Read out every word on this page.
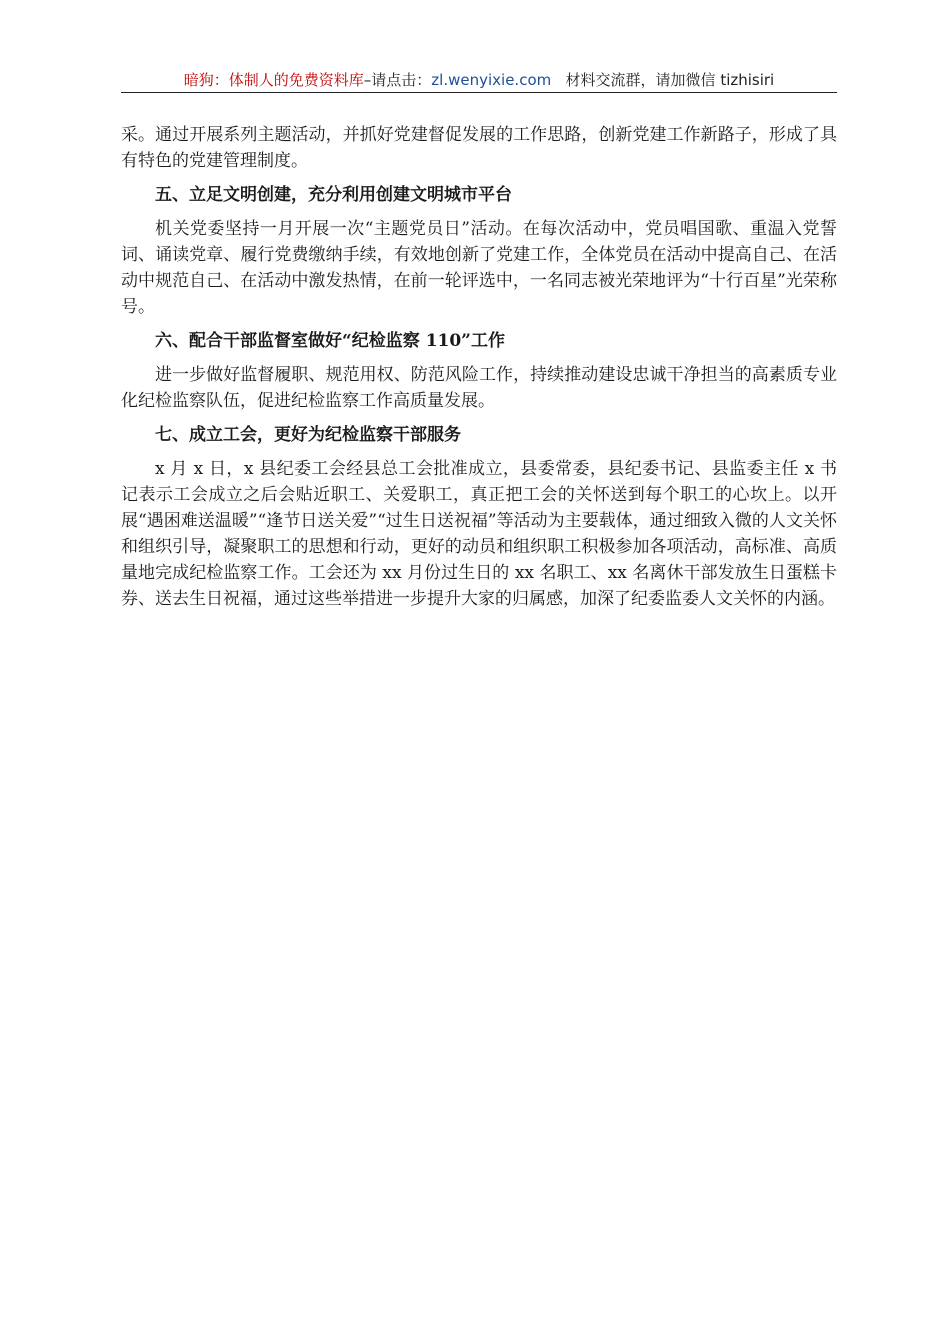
暗狗：体制人的免费资料库–请点击：zl.wenyixie.com 材料交流群，请加微信 tizhisiri

采。通过开展系列主题活动，并抓好党建督促发展的工作思路，创新党建工作新路子，形成了具有特色的党建管理制度。

五、立足文明创建，充分利用创建文明城市平台

机关党委坚持一月开展一次“主题党员日”活动。在每次活动中，党员唱国歌、重温入党誓词、诵读党章、履行党费缴纳手续，有效地创新了党建工作，全体党员在活动中提高自己、在活动中规范自己、在活动中激发热情，在前一轮评选中，一名同志被光荣地评为“十行百星”光荣称号。

六、配合干部监督室做好“纪检监察 110”工作

进一步做好监督履职、规范用权、防范风险工作，持续推动建设忠诚干净担当的高素质专业化纪检监察队伍，促进纪检监察工作高质量发展。

七、成立工会，更好为纪检监察干部服务

x 月 x 日，x 县纪委工会经县总工会批准成立，县委常委，县纪委书记、县监委主任 x 书记表示工会成立之后会贴近职工、关爱职工，真正把工会的关怀送到每个职工的心坎上。以开展“遇困难送温暖”“逢节日送关爱”“过生日送祝福”等活动为主要载体，通过细致入微的人文关怀和组织引导，凝聚职工的思想和行动，更好的动员和组织职工积极参加各项活动，高标准、高质量地完成纪检监察工作。工会还为 xx 月份过生日的 xx 名职工、xx 名离休干部发放生日蛋糕卡券、送去生日祝福，通过这些举措进一步提升大家的归属感，加深了纪委监委人文关怀的内涵。
